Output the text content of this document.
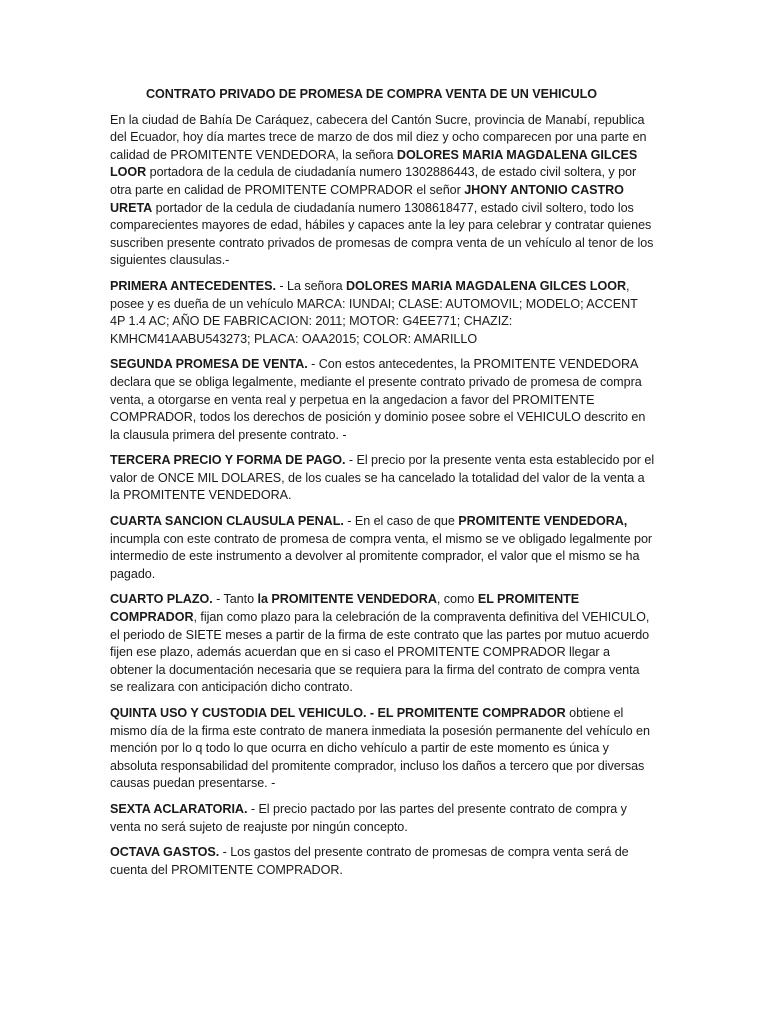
CONTRATO PRIVADO DE PROMESA DE COMPRA VENTA DE UN VEHICULO

En la ciudad de Bahía De Caráquez, cabecera del Cantón Sucre, provincia de Manabí, republica del Ecuador, hoy día martes trece de marzo de dos mil diez y ocho comparecen por una parte en calidad de PROMITENTE VENDEDORA, la señora DOLORES MARIA MAGDALENA GILCES LOOR portadora de la cedula de ciudadanía numero 1302886443, de estado civil soltera, y por otra parte en calidad de PROMITENTE COMPRADOR el señor JHONY ANTONIO CASTRO URETA portador de la cedula de ciudadanía numero 1308618477, estado civil soltero, todo los comparecientes mayores de edad, hábiles y capaces ante la ley para celebrar y contratar quienes suscriben presente contrato privados de promesas de compra venta de un vehículo al tenor de los siguientes clausulas.-

PRIMERA ANTECEDENTES. - La señora DOLORES MARIA MAGDALENA GILCES LOOR, posee y es dueña de un vehículo MARCA: IUNDAI; CLASE: AUTOMOVIL; MODELO; ACCENT 4P 1.4 AC; AÑO DE FABRICACION: 2011; MOTOR: G4EE771; CHAZIZ: KMHCM41AABU543273; PLACA: OAA2015; COLOR: AMARILLO

SEGUNDA PROMESA DE VENTA. - Con estos antecedentes, la PROMITENTE VENDEDORA declara que se obliga legalmente, mediante el presente contrato privado de promesa de compra venta, a otorgarse en venta real y perpetua en la angedacion a favor del PROMITENTE COMPRADOR, todos los derechos de posición y dominio posee sobre el VEHICULO descrito en la clausula primera del presente contrato. -

TERCERA PRECIO Y FORMA DE PAGO. - El precio por la presente venta esta establecido por el valor de ONCE MIL DOLARES, de los cuales se ha cancelado la totalidad del valor de la venta a la PROMITENTE VENDEDORA.

CUARTA SANCION CLAUSULA PENAL. - En el caso de que PROMITENTE VENDEDORA, incumpla con este contrato de promesa de compra venta, el mismo se ve obligado legalmente por intermedio de este instrumento a devolver al promitente comprador, el valor que el mismo se ha pagado.

CUARTO PLAZO. - Tanto la PROMITENTE VENDEDORA, como EL PROMITENTE COMPRADOR, fijan como plazo para la celebración de la compraventa definitiva del VEHICULO, el periodo de SIETE meses a partir de la firma de este contrato que las partes por mutuo acuerdo fijen ese plazo, además acuerdan que en si caso el PROMITENTE COMPRADOR llegar a obtener la documentación necesaria que se requiera para la firma del contrato de compra venta se realizara con anticipación dicho contrato.

QUINTA USO Y CUSTODIA DEL VEHICULO. - EL PROMITENTE COMPRADOR obtiene el mismo día de la firma este contrato de manera inmediata la posesión permanente del vehículo en mención por lo q todo lo que ocurra en dicho vehículo a partir de este momento es única y absoluta responsabilidad del promitente comprador, incluso los daños a tercero que por diversas causas puedan presentarse. -

SEXTA ACLARATORIA. - El precio pactado por las partes del presente contrato de compra y venta no será sujeto de reajuste por ningún concepto.

OCTAVA GASTOS. - Los gastos del presente contrato de promesas de compra venta será de cuenta del PROMITENTE COMPRADOR.
